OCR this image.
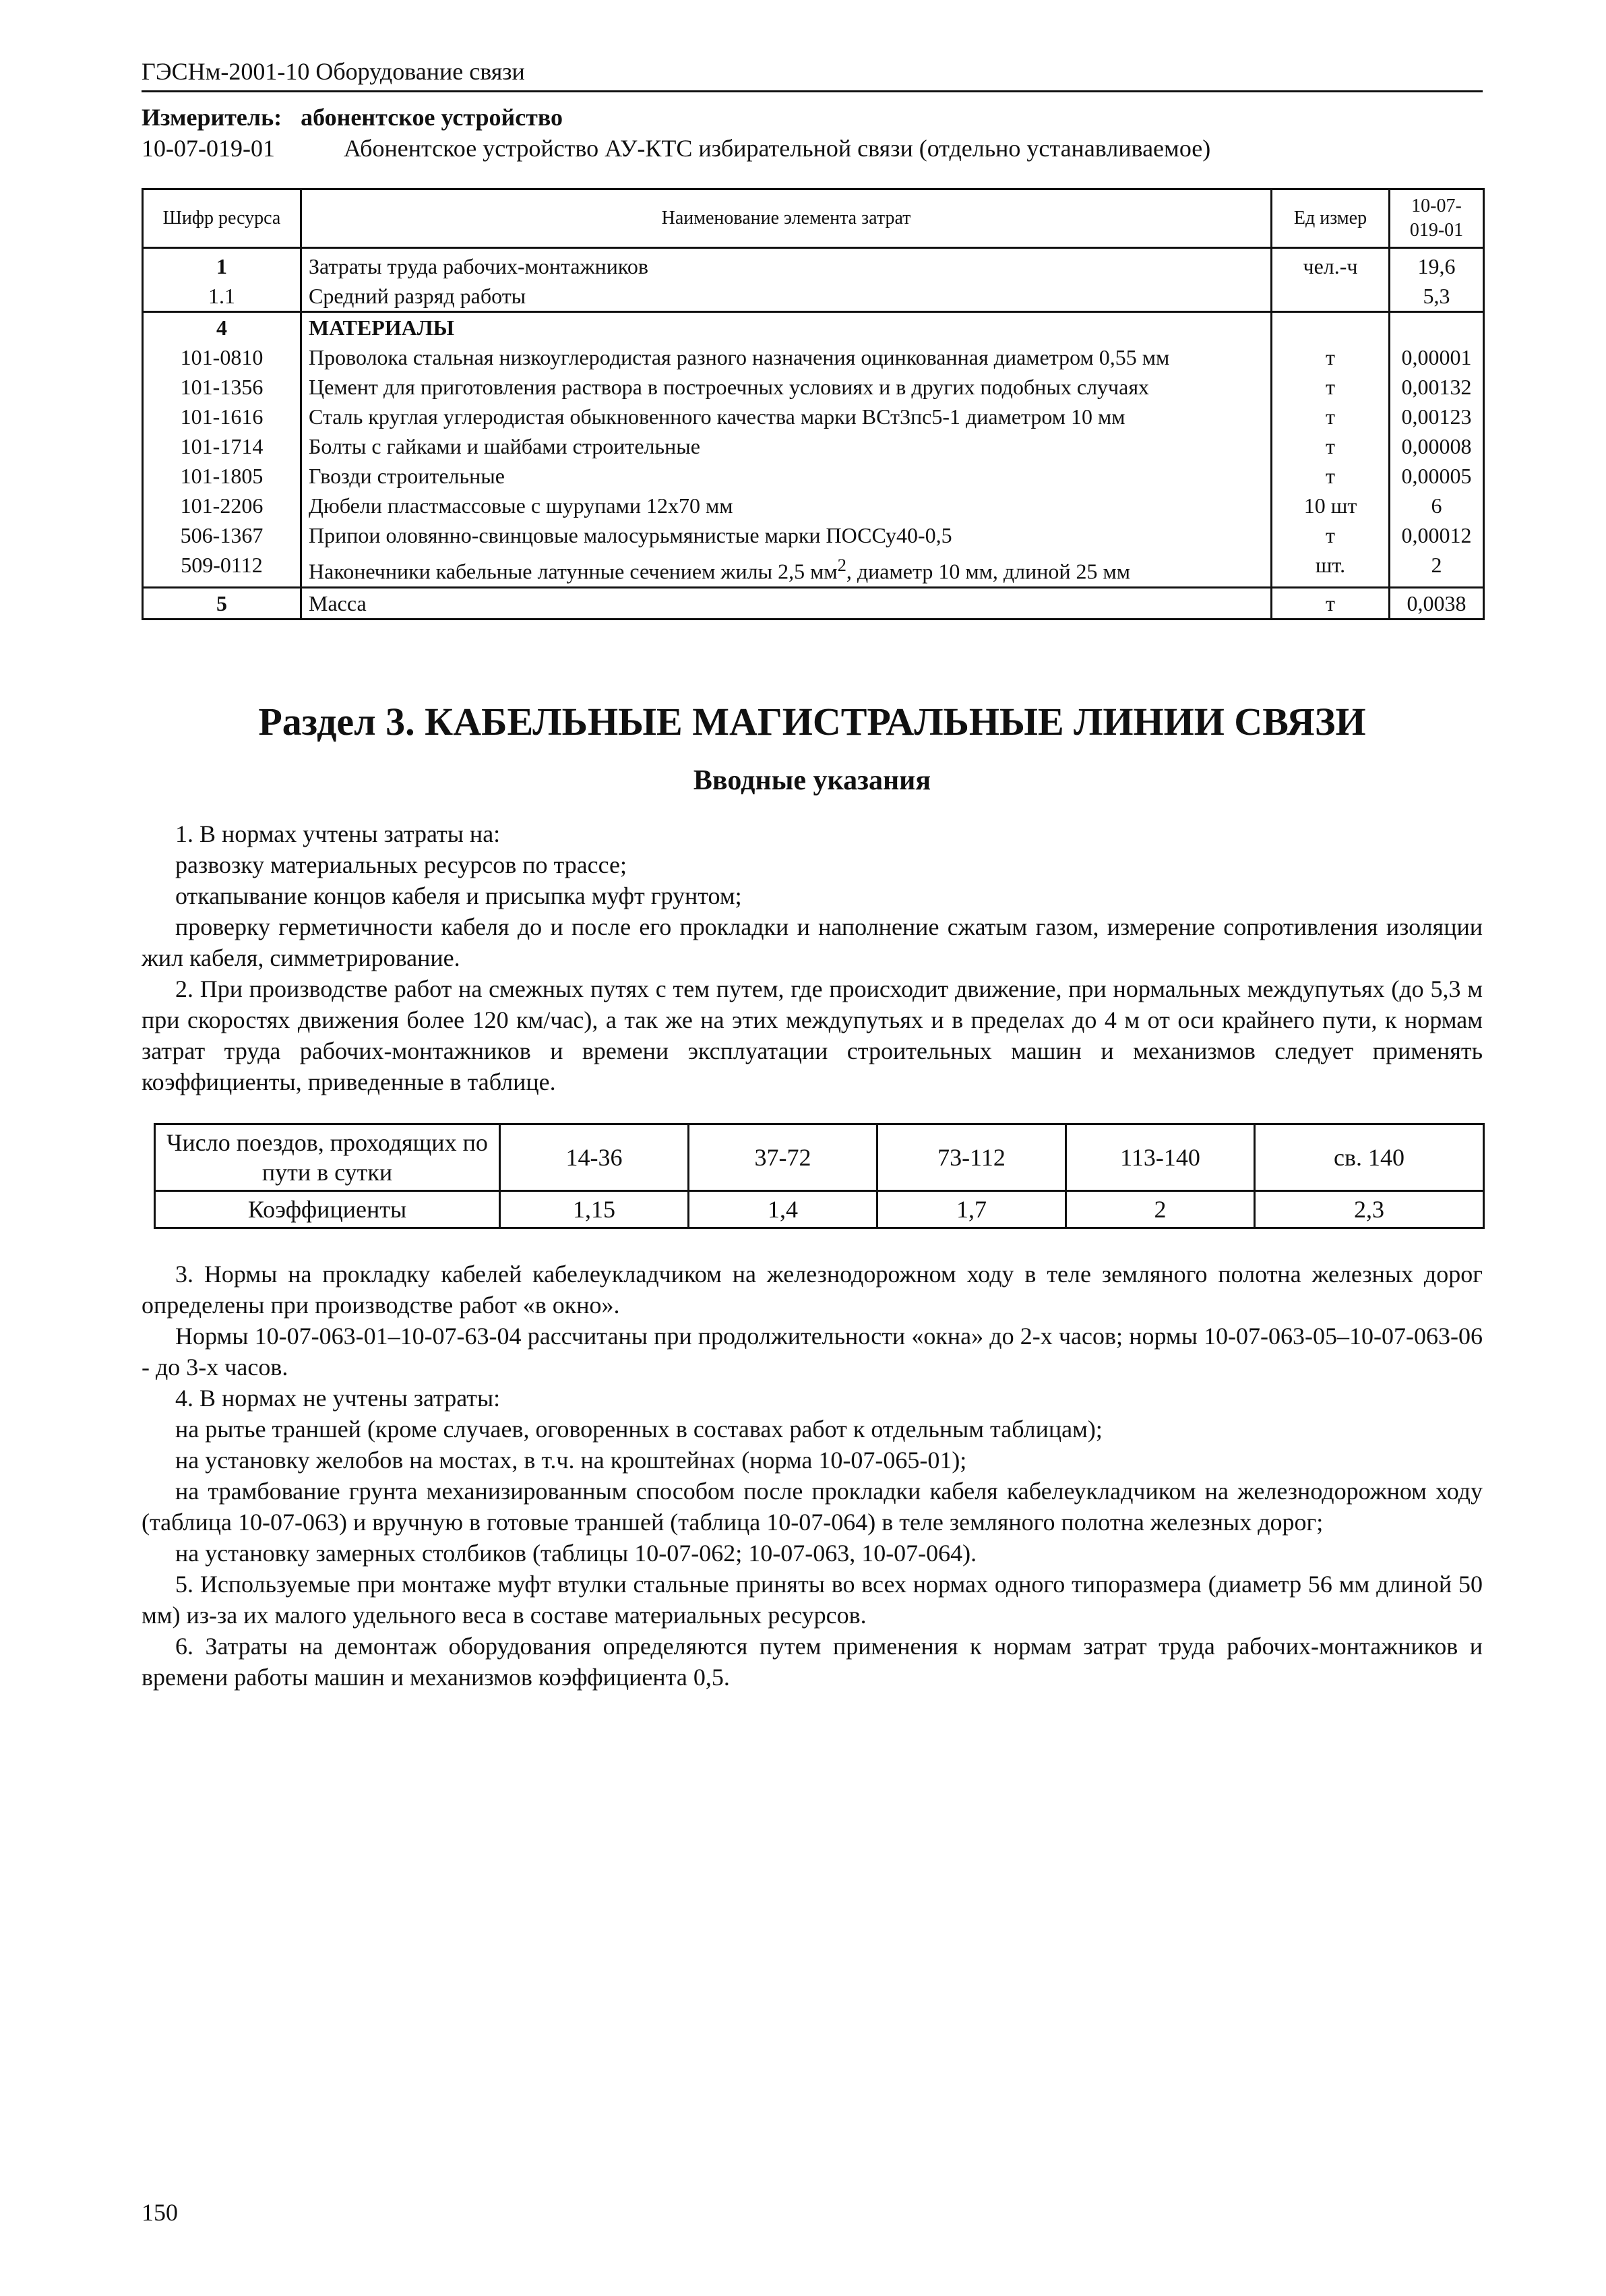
ГЭСНм-2001-10 Оборудование связи
Измеритель: абонентское устройство
10-07-019-01	Абонентское устройство АУ-КТС избирательной связи (отдельно устанавливаемое)
Шифр ресурса	Наименование элемента затрат	Ед измер	10-07-019-01
1	Затраты труда рабочих-монтажников	чел.-ч	19,6
1.1	Средний разряд работы		5,3
4	МАТЕРИАЛЫ		
101-0810	Проволока стальная низкоуглеродистая разного назначения оцинкованная диаметром 0,55 мм	т	0,00001
101-1356	Цемент для приготовления раствора в построечных условиях и в других подобных случаях	т	0,00132
101-1616	Сталь круглая углеродистая обыкновенного качества марки ВСт3пс5-1 диаметром 10 мм	т	0,00123
101-1714	Болты с гайками и шайбами строительные	т	0,00008
101-1805	Гвозди строительные	т	0,00005
101-2206	Дюбели пластмассовые с шурупами 12х70 мм	10 шт	6
506-1367	Припои оловянно-свинцовые малосурьмянистые марки ПОССу40-0,5	т	0,00012
509-0112	Наконечники кабельные латунные сечением жилы 2,5 $мм^2$, диаметр 10 мм, длиной 25 мм	шт.	2
5	Масса	т	0,0038
Раздел 3. КАБЕЛЬНЫЕ МАГИСТРАЛЬНЫЕ ЛИНИИ СВЯЗИ
Вводные указания

1. В нормах учтены затраты на:

развозку материальных ресурсов по трассе;

откапывание концов кабеля и присыпка муфт грунтом;

проверку герметичности кабеля до и после его прокладки и наполнение сжатым газом, измерение сопротивления изоляции жил кабеля, симметрирование.

2. При производстве работ на смежных путях с тем путем, где происходит движение, при нормальных междупутьях (до 5,3 м при скоростях движения более 120 км/час), а так же на этих междупутьях и в пределах до 4 м от оси крайнего пути, к нормам затрат труда рабочих-монтажников и времени эксплуатации строительных машин и механизмов следует применять коэффициенты, приведенные в таблице.

Число поездов, проходящих по пути в сутки	14-36	37-72	73-112	113-140	св. 140
Коэффициенты	1,15	1,4	1,7	2	2,3

3. Нормы на прокладку кабелей кабелеукладчиком на железнодорожном ходу в теле земляного полотна железных дорог определены при производстве работ «в окно».

Нормы 10-07-063-01–10-07-63-04 рассчитаны при продолжительности «окна» до 2-х часов; нормы 10-07-063-05–10-07-063-06 - до 3-х часов.

4. В нормах не учтены затраты:

на рытье траншей (кроме случаев, оговоренных в составах работ к отдельным таблицам);

на установку желобов на мостах, в т.ч. на кроштейнах (норма 10-07-065-01);

на трамбование грунта механизированным способом после прокладки кабеля кабелеукладчиком на железнодорожном ходу (таблица 10-07-063) и вручную в готовые траншей (таблица 10-07-064) в теле земляного полотна железных дорог;

на установку замерных столбиков (таблицы 10-07-062; 10-07-063, 10-07-064).

5. Используемые при монтаже муфт втулки стальные приняты во всех нормах одного типоразмера (диаметр 56 мм длиной 50 мм) из-за их малого удельного веса в составе материальных ресурсов.

6. Затраты на демонтаж оборудования определяются путем применения к нормам затрат труда рабочих-монтажников и времени работы машин и механизмов коэффициента 0,5.

150
